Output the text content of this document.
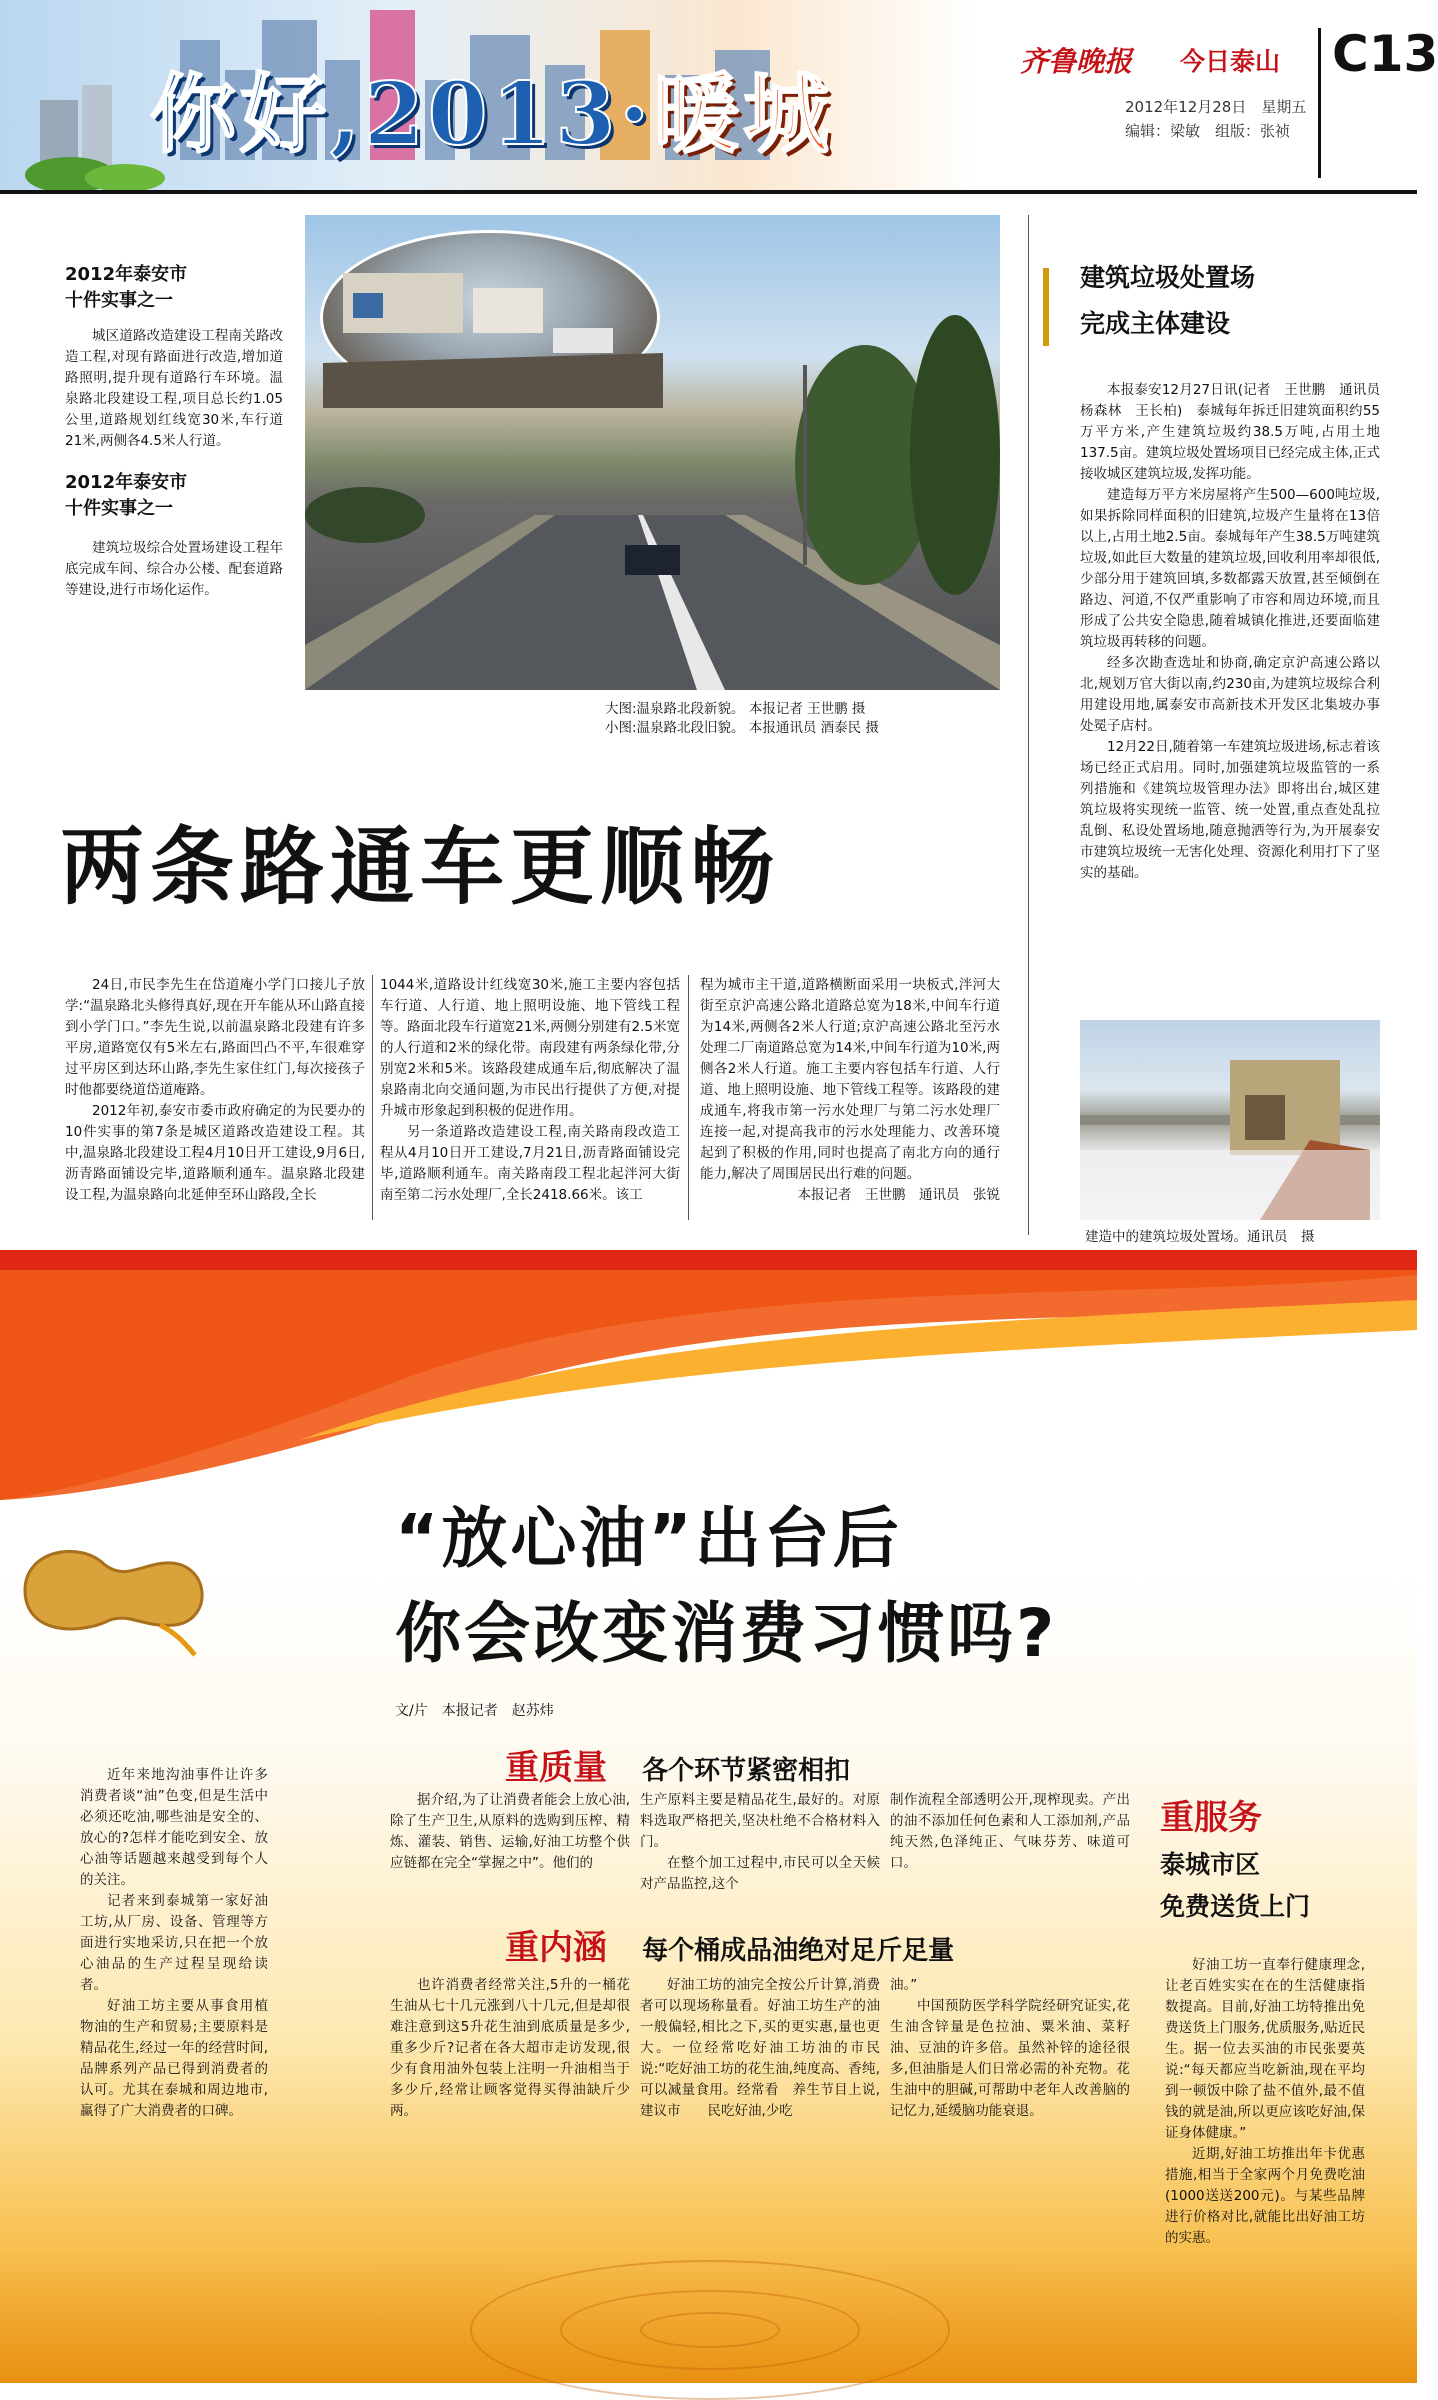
你好,2013·暖城
齐鲁晚报 今日泰山 C13
2012年12月28日　星期五
编辑：梁敏　组版：张祯
2012年泰安市
十件实事之一

城区道路改造建设工程南关路改造工程,对现有路面进行改造,增加道路照明,提升现有道路行车环境。温泉路北段建设工程,项目总长约1.05公里,道路规划红线宽30米,车行道21米,两侧各4.5米人行道。

2012年泰安市
十件实事之一

建筑垃圾综合处置场建设工程年底完成车间、综合办公楼、配套道路等建设,进行市场化运作。

大图:温泉路北段新貌。 本报记者 王世鹏 摄
小图:温泉路北段旧貌。 本报通讯员 酒泰民 摄
两条路通车更顺畅

24日,市民李先生在岱道庵小学门口接儿子放学:“温泉路北头修得真好,现在开车能从环山路直接到小学门口。”李先生说,以前温泉路北段建有许多平房,道路宽仅有5米左右,路面凹凸不平,车很难穿过平房区到达环山路,李先生家住红门,每次接孩子时他都要绕道岱道庵路。

2012年初,泰安市委市政府确定的为民要办的10件实事的第7条是城区道路改造建设工程。其中,温泉路北段建设工程4月10日开工建设,9月6日,沥青路面铺设完毕,道路顺利通车。温泉路北段建设工程,为温泉路向北延伸至环山路段,全长

1044米,道路设计红线宽30米,施工主要内容包括车行道、人行道、地上照明设施、地下管线工程等。路面北段车行道宽21米,两侧分别建有2.5米宽的人行道和2米的绿化带。南段建有两条绿化带,分别宽2米和5米。该路段建成通车后,彻底解决了温泉路南北向交通问题,为市民出行提供了方便,对提升城市形象起到积极的促进作用。

另一条道路改造建设工程,南关路南段改造工程从4月10日开工建设,7月21日,沥青路面铺设完毕,道路顺利通车。南关路南段工程北起泮河大街南至第二污水处理厂,全长2418.66米。该工

程为城市主干道,道路横断面采用一块板式,泮河大街至京沪高速公路北道路总宽为18米,中间车行道为14米,两侧各2米人行道;京沪高速公路北至污水处理二厂南道路总宽为14米,中间车行道为10米,两侧各2米人行道。施工主要内容包括车行道、人行道、地上照明设施、地下管线工程等。该路段的建成通车,将我市第一污水处理厂与第二污水处理厂连接一起,对提高我市的污水处理能力、改善环境起到了积极的作用,同时也提高了南北方向的通行能力,解决了周围居民出行难的问题。

本报记者　王世鹏　通讯员　张锐
建筑垃圾处置场
完成主体建设

本报泰安12月27日讯(记者　王世鹏　通讯员　杨森林　王长柏)　泰城每年拆迁旧建筑面积约55万平方米,产生建筑垃圾约38.5万吨,占用土地137.5亩。建筑垃圾处置场项目已经完成主体,正式接收城区建筑垃圾,发挥功能。

建造每万平方米房屋将产生500—600吨垃圾,如果拆除同样面积的旧建筑,垃圾产生量将在13倍以上,占用土地2.5亩。泰城每年产生38.5万吨建筑垃圾,如此巨大数量的建筑垃圾,回收利用率却很低,少部分用于建筑回填,多数都露天放置,甚至倾倒在路边、河道,不仅严重影响了市容和周边环境,而且形成了公共安全隐患,随着城镇化推进,还要面临建筑垃圾再转移的问题。

经多次勘查选址和协商,确定京沪高速公路以北,规划万官大街以南,约230亩,为建筑垃圾综合利用建设用地,属泰安市高新技术开发区北集坡办事处冕子店村。

12月22日,随着第一车建筑垃圾进场,标志着该场已经正式启用。同时,加强建筑垃圾监管的一系列措施和《建筑垃圾管理办法》即将出台,城区建筑垃圾将实现统一监管、统一处置,重点查处乱拉乱倒、私设处置场地,随意抛洒等行为,为开展泰安市建筑垃圾统一无害化处理、资源化利用打下了坚实的基础。

建造中的建筑垃圾处置场。通讯员　摄
“放心油”出台后
你会改变消费习惯吗?
文/片　本报记者　赵苏炜

近年来地沟油事件让许多消费者谈“油”色变,但是生活中必须还吃油,哪些油是安全的、放心的?怎样才能吃到安全、放心油等话题越来越受到每个人的关注。

记者来到泰城第一家好油工坊,从厂房、设备、管理等方面进行实地采访,只在把一个放心油品的生产过程呈现给读者。

好油工坊主要从事食用植物油的生产和贸易;主要原料是精品花生,经过一年的经营时间,品牌系列产品已得到消费者的认可。尤其在泰城和周边地市,赢得了广大消费者的口碑。

重质量 各个环节紧密相扣

据介绍,为了让消费者能会上放心油,除了生产卫生,从原料的选购到压榨、精炼、灌装、销售、运输,好油工坊整个供应链都在完全“掌握之中”。他们的

生产原料主要是精品花生,最好的。对原料选取严格把关,坚决杜绝不合格材料入门。

在整个加工过程中,市民可以全天候对产品监控,这个

制作流程全部透明公开,现榨现卖。产出的油不添加任何色素和人工添加剂,产品纯天然,色泽纯正、气味芬芳、味道可口。

重内涵 每个桶成品油绝对足斤足量

也许消费者经常关注,5升的一桶花生油从七十几元涨到八十几元,但是却很难注意到这5升花生油到底质量是多少,重多少斤?记者在各大超市走访发现,很少有食用油外包装上注明一升油相当于多少斤,经常让顾客觉得买得油缺斤少两。

好油工坊的油完全按公斤计算,消费者可以现场称量看。好油工坊生产的油一般偏轻,相比之下,买的更实惠,量也更大。一位经常吃好油工坊油的市民说:“吃好油工坊的花生油,纯度高、香纯,可以减量食用。经常看　养生节目上说,建议市　　民吃好油,少吃

油。”

中国预防医学科学院经研究证实,花生油含锌量是色拉油、粟米油、菜籽油、豆油的许多倍。虽然补锌的途径很多,但油脂是人们日常必需的补充物。花生油中的胆碱,可帮助中老年人改善脑的记忆力,延缓脑功能衰退。

重服务
泰城市区
免费送货上门

好油工坊一直奉行健康理念,让老百姓实实在在的生活健康指数提高。目前,好油工坊特推出免费送货上门服务,优质服务,贴近民生。据一位去买油的市民张要英说:“每天都应当吃新油,现在平均到一顿饭中除了盐不值外,最不值钱的就是油,所以更应该吃好油,保证身体健康。”

近期,好油工坊推出年卡优惠措施,相当于全家两个月免费吃油(1000送送200元)。与某些品牌进行价格对比,就能比出好油工坊的实惠。
